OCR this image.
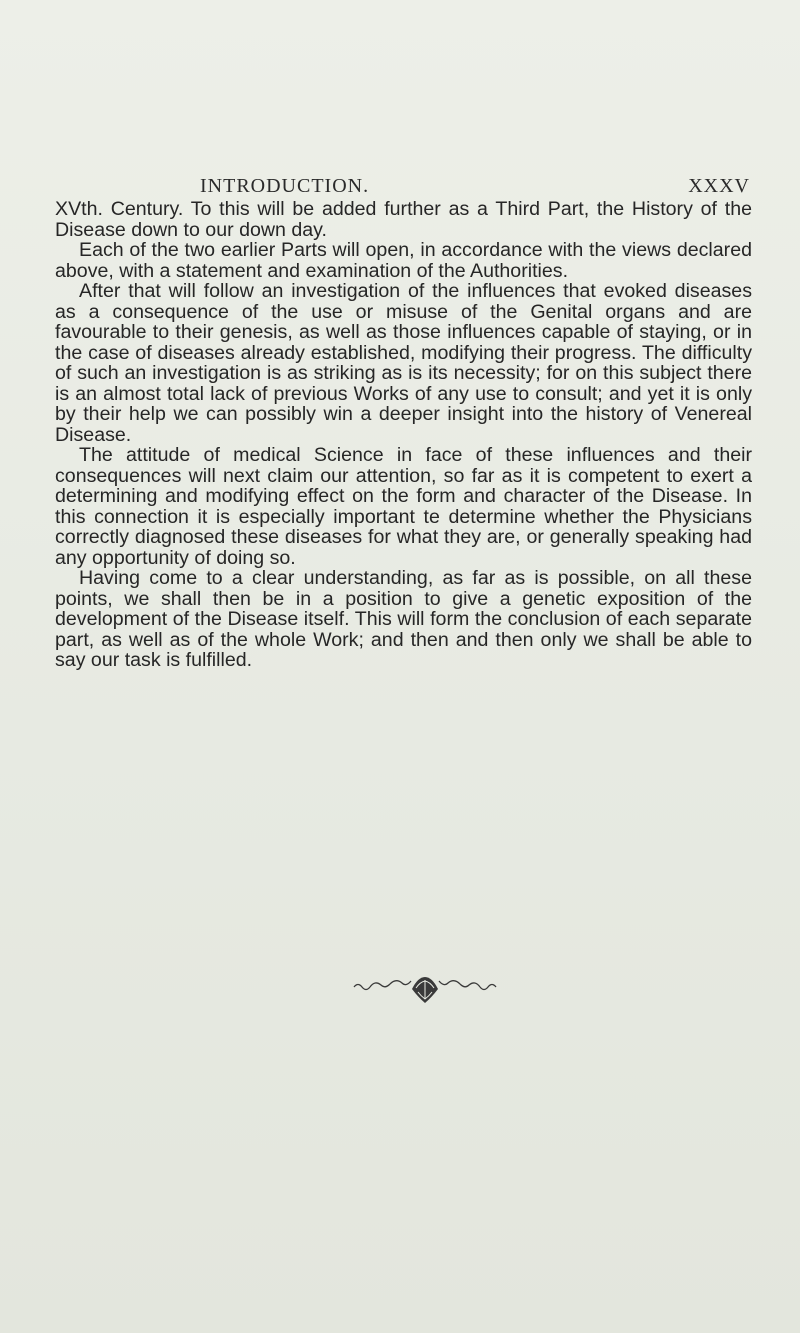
INTRODUCTION.	XXXV

XVth. Century. To this will be added further as a Third Part, the History of the Disease down to our down day.

Each of the two earlier Parts will open, in accordance with the views declared above, with a statement and examination of the Authorities.

After that will follow an investigation of the influences that evoked diseases as a consequence of the use or misuse of the Genital organs and are favourable to their genesis, as well as those influences capable of staying, or in the case of diseases already established, modifying their progress. The difficulty of such an investigation is as striking as is its necessity; for on this subject there is an almost total lack of previous Works of any use to consult; and yet it is only by their help we can possibly win a deeper insight into the history of Venereal Disease.

The attitude of medical Science in face of these influences and their consequences will next claim our attention, so far as it is competent to exert a determining and modifying effect on the form and character of the Disease. In this connection it is especially important te determine whether the Physicians correctly diagnosed these diseases for what they are, or generally speaking had any opportunity of doing so.

Having come to a clear understanding, as far as is possible, on all these points, we shall then be in a position to give a genetic exposition of the development of the Disease itself. This will form the conclusion of each separate part, as well as of the whole Work; and then and then only we shall be able to say our task is fulfilled.
